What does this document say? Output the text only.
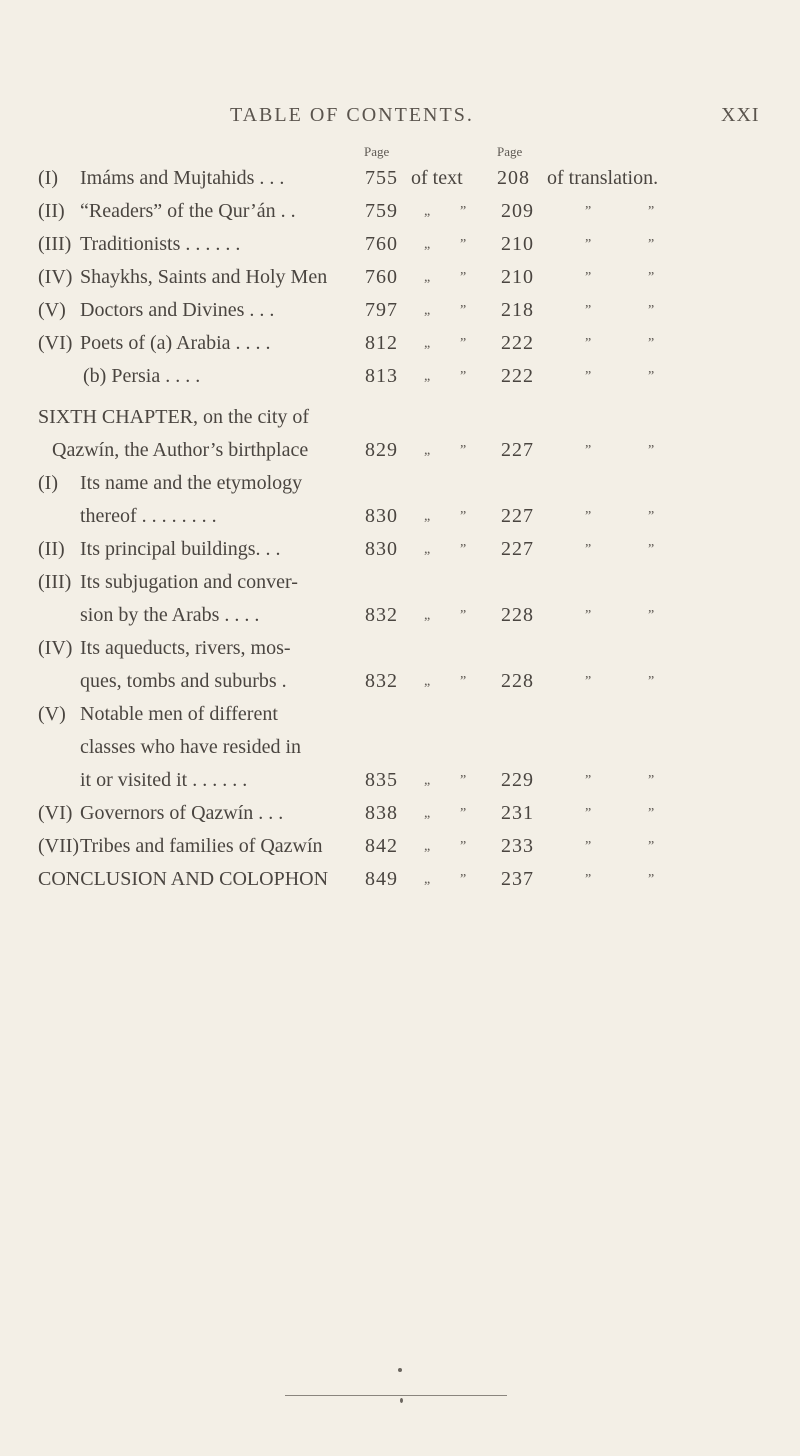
TABLE OF CONTENTS.	XXI
Page	Page
(I) Imáms and Mujtahids . . .	755 of text 208 of translation.
(II) “Readers” of the Qur’án . .	759 „ ” 209	”	”
(III) Traditionists . . . . . .	760 „ ” 210	”	”
(IV) Shaykhs, Saints and Holy Men 760 „ ” 210	”	”
(V) Doctors and Divines . . .	797 „ ” 218	”	”
(VI) Poets of (a) Arabia . . . .	812 „ ” 222	”	”
(b) Persia . . . .	813 „ ” 222	”	”
SIXTH CHAPTER, on the city of
Qazwín, the Author’s birthplace	829 „ ” 227	”	”
(I) Its name and the etymology
thereof . . . . . . . .	830 „ ” 227	”	”
(II) Its principal buildings. . .	830 „ ” 227	”	”
(III) Its subjugation and conver-
sion by the Arabs . . . .	832 „ ” 228	”	”
(IV) Its aqueducts, rivers, mos-
ques, tombs and suburbs .	832 „ ” 228	”	”
(V) Notable men of different
classes who have resided in
it or visited it . . . . . .	835 „ ” 229	”	”
(VI) Governors of Qazwín . . .	838 „ ” 231	”	”
(VII) Tribes and families of Qazwín 842 „ ” 233	”	”
CONCLUSION AND COLOPHON 849 „ ” 237	”	”
